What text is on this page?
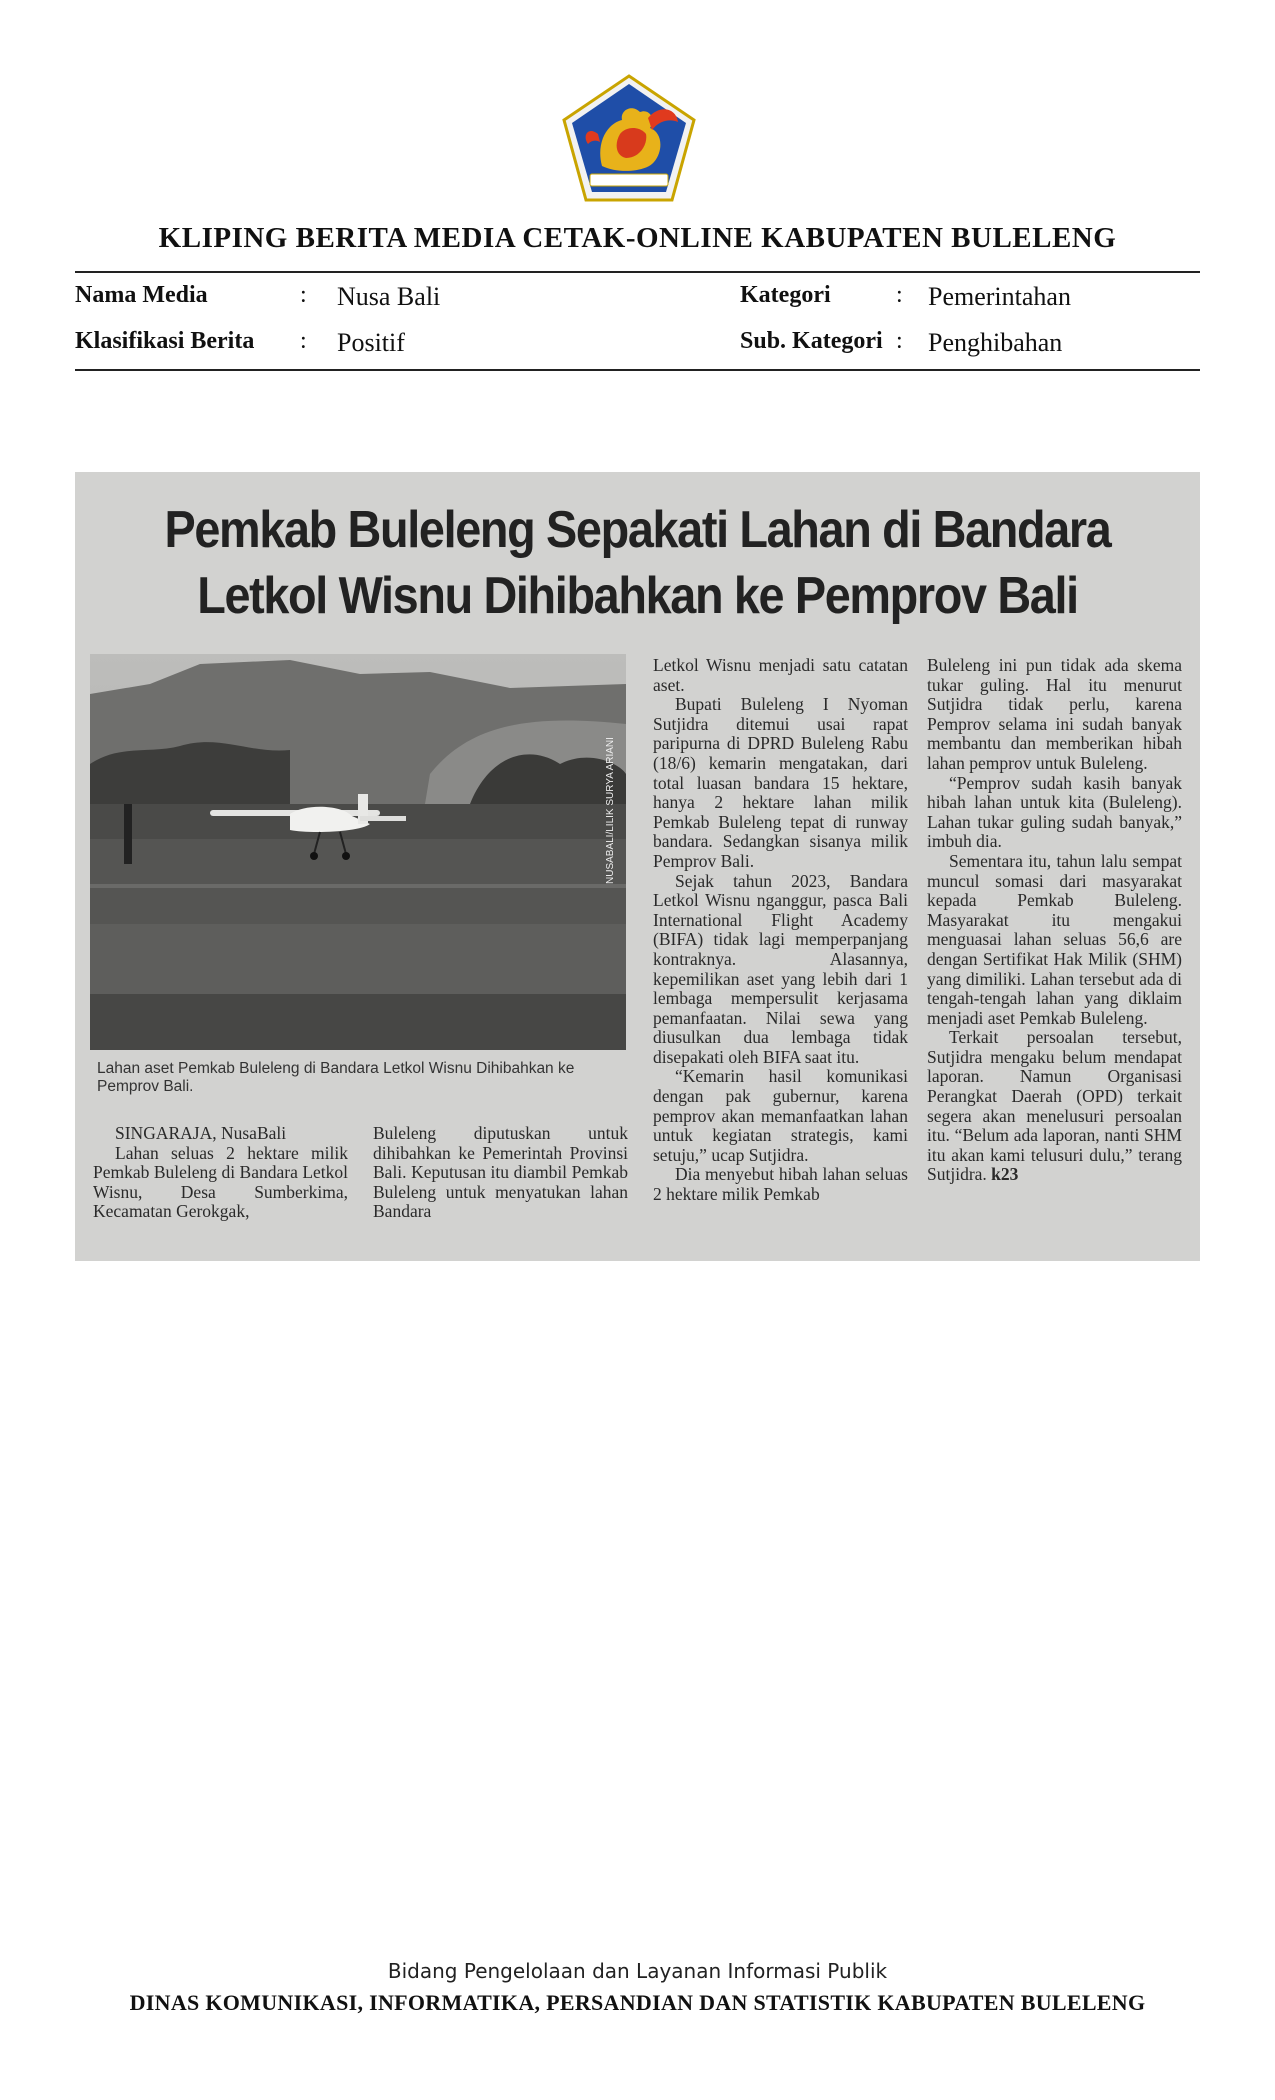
KLIPING BERITA MEDIA CETAK-ONLINE KABUPATEN BULELENG
Nama Media	: Nusa Bali	Kategori	: Pemerintahan
Klasifikasi Berita : Positif	Sub. Kategori : Penghibahan
Pemkab Buleleng Sepakati Lahan di Bandara
Letkol Wisnu Dihibahkan ke Pemprov Bali
NUSABALI/LILIK SURYA ARIANI
Lahan aset Pemkab Buleleng di Bandara Letkol Wisnu Dihibahkan ke Pemprov Bali.

SINGARAJA, NusaBali

Lahan seluas 2 hektare milik Pemkab Buleleng di Bandara Letkol Wisnu, Desa Sumberkima, Kecamatan Gerokgak,

Buleleng diputuskan untuk dihibahkan ke Pemerintah Provinsi Bali. Keputusan itu diambil Pemkab Buleleng untuk menyatukan lahan Bandara

Letkol Wisnu menjadi satu catatan aset.

Bupati Buleleng I Nyoman Sutjidra ditemui usai rapat paripurna di DPRD Buleleng Rabu (18/6) kemarin mengatakan, dari total luasan bandara 15 hektare, hanya 2 hektare lahan milik Pemkab Buleleng tepat di runway bandara. Sedangkan sisanya milik Pemprov Bali.

Sejak tahun 2023, Bandara Letkol Wisnu nganggur, pasca Bali International Flight Academy (BIFA) tidak lagi memperpanjang kontraknya. Alasannya, kepemilikan aset yang lebih dari 1 lembaga mempersulit kerjasama pemanfaatan. Nilai sewa yang diusulkan dua lembaga tidak disepakati oleh BIFA saat itu.

“Kemarin hasil komunikasi dengan pak gubernur, karena pemprov akan memanfaatkan lahan untuk kegiatan strategis, kami setuju,” ucap Sutjidra.

Dia menyebut hibah lahan seluas 2 hektare milik Pemkab

Buleleng ini pun tidak ada skema tukar guling. Hal itu menurut Sutjidra tidak perlu, karena Pemprov selama ini sudah banyak membantu dan memberikan hibah lahan pemprov untuk Buleleng.

“Pemprov sudah kasih banyak hibah lahan untuk kita (Buleleng). Lahan tukar guling sudah banyak,” imbuh dia.

Sementara itu, tahun lalu sempat muncul somasi dari masyarakat kepada Pemkab Buleleng. Masyarakat itu mengakui menguasai lahan seluas 56,6 are dengan Sertifikat Hak Milik (SHM) yang dimiliki. Lahan tersebut ada di tengah-tengah lahan yang diklaim menjadi aset Pemkab Buleleng.

Terkait persoalan tersebut, Sutjidra mengaku belum mendapat laporan. Namun Organisasi Perangkat Daerah (OPD) terkait segera akan menelusuri persoalan itu. “Belum ada laporan, nanti SHM itu akan kami telusuri dulu,” terang Sutjidra. k23

Bidang Pengelolaan dan Layanan Informasi Publik
DINAS KOMUNIKASI, INFORMATIKA, PERSANDIAN DAN STATISTIK KABUPATEN BULELENG
